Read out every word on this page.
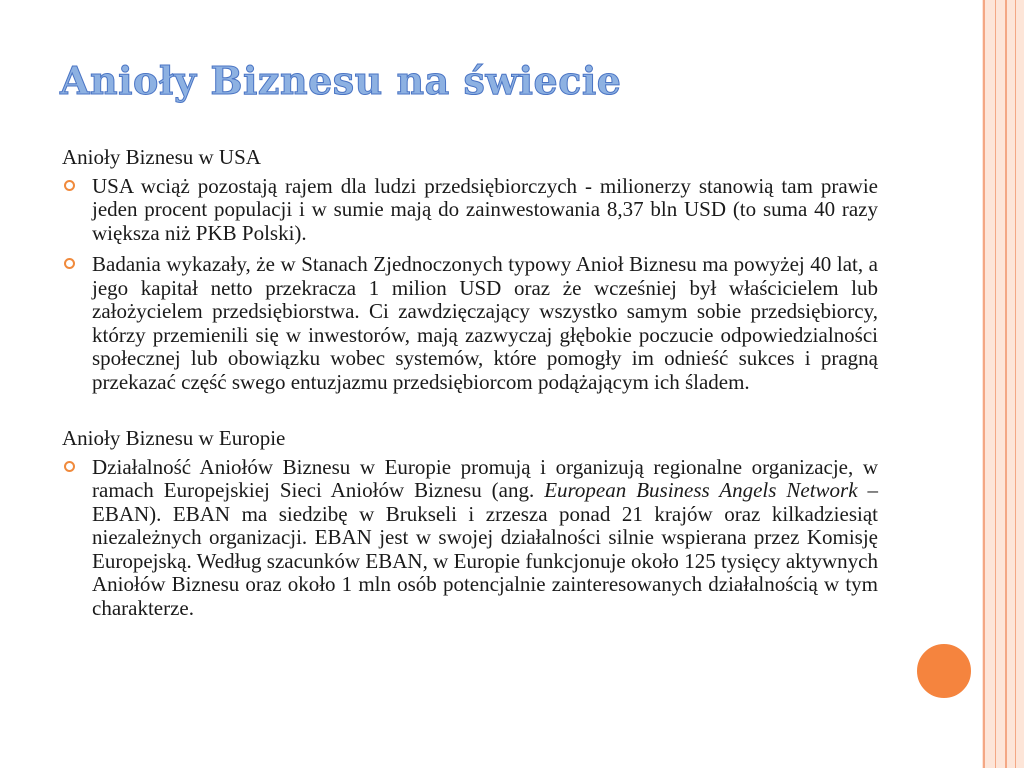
Anioły Biznesu na świecie

Anioły Biznesu w USA

USA wciąż pozostają rajem dla ludzi przedsiębiorczych - milionerzy stanowią tam prawie jeden procent populacji i w sumie mają do zainwestowania 8,37 bln USD (to suma 40 razy większa niż PKB Polski).
Badania wykazały, że w Stanach Zjednoczonych typowy Anioł Biznesu ma powyżej 40 lat, a jego kapitał netto przekracza 1 milion USD oraz że wcześniej był właścicielem lub założycielem przedsiębiorstwa. Ci zawdzięczający wszystko samym sobie przedsiębiorcy, którzy przemienili się w inwestorów, mają zazwyczaj głębokie poczucie odpowiedzialności społecznej lub obowiązku wobec systemów, które pomogły im odnieść sukces i pragną przekazać część swego entuzjazmu przedsiębiorcom podążającym ich śladem.

Anioły Biznesu w Europie

Działalność Aniołów Biznesu w Europie promują i organizują regionalne organizacje, w ramach Europejskiej Sieci Aniołów Biznesu (ang. European Business Angels Network – EBAN). EBAN ma siedzibę w Brukseli i zrzesza ponad 21 krajów oraz kilkadziesiąt niezależnych organizacji. EBAN jest w swojej działalności silnie wspierana przez Komisję Europejską. Według szacunków EBAN, w Europie funkcjonuje około 125 tysięcy aktywnych Aniołów Biznesu oraz około 1 mln osób potencjalnie zainteresowanych działalnością w tym charakterze.
